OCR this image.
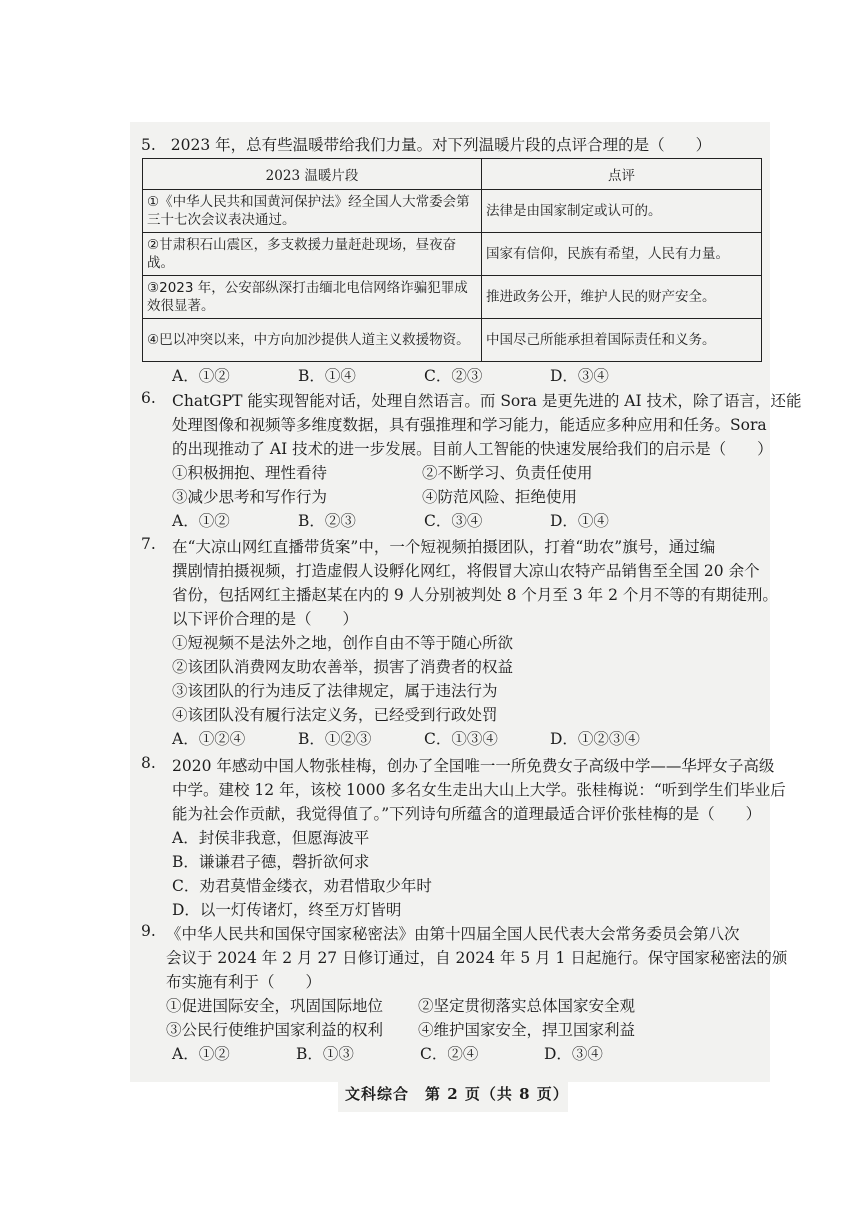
5. 2023 年，总有些温暖带给我们力量。对下列温暖片段的点评合理的是（　　）
2023 温暖片段	点评
①《中华人民共和国黄河保护法》经全国人大常委会第三十七次会议表决通过。	法律是由国家制定或认可的。
②甘肃积石山震区，多支救援力量赶赴现场，昼夜奋战。	国家有信仰，民族有希望，人民有力量。
③2023 年，公安部纵深打击缅北电信网络诈骗犯罪成效很显著。	推进政务公开，维护人民的财产安全。
④巴以冲突以来，中方向加沙提供人道主义救援物资。	中国尽己所能承担着国际责任和义务。
A．①②	B．①④	C．②③	D．③④
6. ChatGPT 能实现智能对话，处理自然语言。而 Sora 是更先进的 AI 技术，除了语言，还能
处理图像和视频等多维度数据，具有强推理和学习能力，能适应多种应用和任务。Sora
的出现推动了 AI 技术的进一步发展。目前人工智能的快速发展给我们的启示是（　　）
①积极拥抱、理性看待	②不断学习、负责任使用
③减少思考和写作行为	④防范风险、拒绝使用
A．①②	B．②③	C．③④	D．①④
7. 在“大凉山网红直播带货案”中，一个短视频拍摄团队，打着“助农”旗号，通过编
撰剧情拍摄视频，打造虚假人设孵化网红，将假冒大凉山农特产品销售至全国 20 余个
省份，包括网红主播赵某在内的 9 人分别被判处 8 个月至 3 年 2 个月不等的有期徒刑。
以下评价合理的是（　　）
①短视频不是法外之地，创作自由不等于随心所欲
②该团队消费网友助农善举，损害了消费者的权益
③该团队的行为违反了法律规定，属于违法行为
④该团队没有履行法定义务，已经受到行政处罚
A．①②④	B．①②③	C．①③④	D．①②③④
8. 2020 年感动中国人物张桂梅，创办了全国唯一一所免费女子高级中学——华坪女子高级
中学。建校 12 年，该校 1000 多名女生走出大山上大学。张桂梅说：“听到学生们毕业后
能为社会作贡献，我觉得值了。”下列诗句所蕴含的道理最适合评价张桂梅的是（　　）
A．封侯非我意，但愿海波平
B．谦谦君子德，磬折欲何求
C．劝君莫惜金缕衣，劝君惜取少年时
D．以一灯传诸灯，终至万灯皆明
9. 《中华人民共和国保守国家秘密法》由第十四届全国人民代表大会常务委员会第八次
会议于 2024 年 2 月 27 日修订通过，自 2024 年 5 月 1 日起施行。保守国家秘密法的颁
布实施有利于（　　）
①促进国际安全，巩固国际地位 ②坚定贯彻落实总体国家安全观
③公民行使维护国家利益的权利 ④维护国家安全，捍卫国家利益
A．①②	B．①③	C．②④	D．③④
文科综合　第 2 页（共 8 页）
